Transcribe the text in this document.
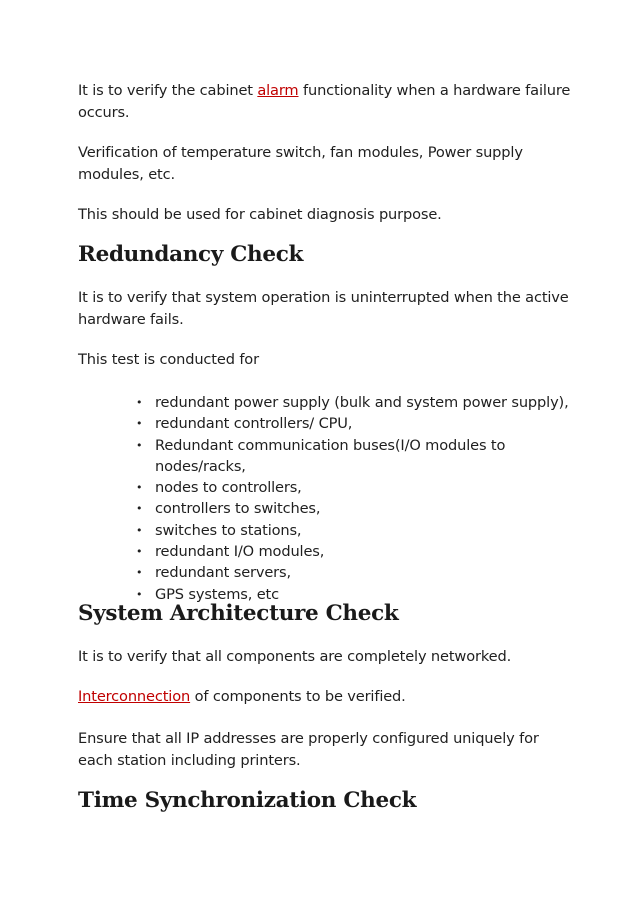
It is to verify the cabinet alarm functionality when a hardware failure
occurs.

Verification of temperature switch, fan modules, Power supply
modules, etc.

This should be used for cabinet diagnosis purpose.

Redundancy Check

It is to verify that system operation is uninterrupted when the active
hardware fails.

This test is conducted for

• redundant power supply (bulk and system power supply),
• redundant controllers/ CPU,
• Redundant communication buses(I/O modules to
nodes/racks,
• nodes to controllers,
• controllers to switches,
• switches to stations,
• redundant I/O modules,
• redundant servers,
• GPS systems, etc
System Architecture Check

It is to verify that all components are completely networked.

Interconnection of components to be verified.

Ensure that all IP addresses are properly configured uniquely for
each station including printers.

Time Synchronization Check
